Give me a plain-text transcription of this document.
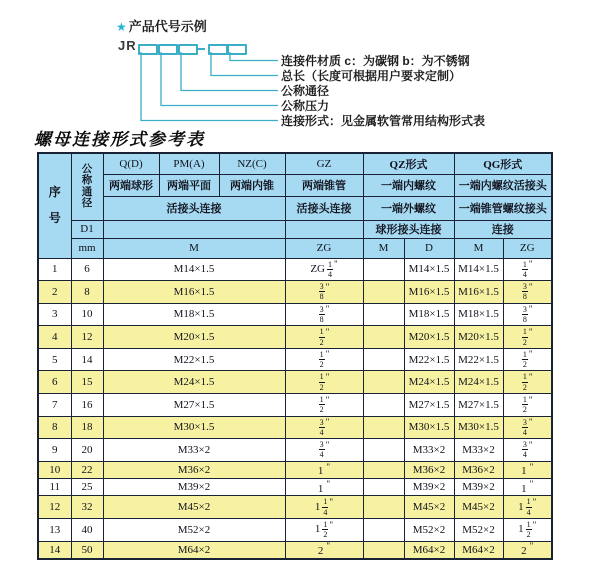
★ 产品代号示例
JR
连接件材质 c：为碳钢 b：为不锈钢
总长（长度可根据用户要求定制）
公称通径
公称压力
连接形式：见金属软管常用结构形式表
螺母连接形式参考表
序
号	公
称
通
径	Q(D)	PM(A)	NZ(C)	GZ	QZ形式		QG形式	
		两端球形	两端平面	两端内锥	两端锥管	一端内螺纹		一端内螺纹活接头	
		活接头连接			活接头连接	一端外螺纹		一端锥管螺纹接头	
	D1					球形接头连接		连接	
	mm	M			ZG	M	D	M	ZG
1	6	M14×1.5			ZG $\frac{1}{4} ^"$		M14×1.5	M14×1.5	$\frac{1}{4} ^"$
2	8	M16×1.5			$\frac{3}{8} ^"$		M16×1.5	M16×1.5	$\frac{3}{8} ^"$
3	10	M18×1.5			$\frac{3}{8} ^"$		M18×1.5	M18×1.5	$\frac{3}{8} ^"$
4	12	M20×1.5			$\frac{1}{2} ^"$		M20×1.5	M20×1.5	$\frac{1}{2} ^"$
5	14	M22×1.5			$\frac{1}{2} ^"$		M22×1.5	M22×1.5	$\frac{1}{2} ^"$
6	15	M24×1.5			$\frac{1}{2} ^"$		M24×1.5	M24×1.5	$\frac{1}{2} ^"$
7	16	M27×1.5			$\frac{1}{2} ^"$		M27×1.5	M27×1.5	$\frac{1}{2} ^"$
8	18	M30×1.5			$\frac{3}{4} ^"$		M30×1.5	M30×1.5	$\frac{3}{4} ^"$
9	20	M33×2			$\frac{3}{4} ^"$		M33×2	M33×2	$\frac{3}{4} ^"$
10	22	M36×2			1 "		M36×2	M36×2	1 "
11	25	M39×2			1 "		M39×2	M39×2	1 "
12	32	M45×2			$1 \frac{1}{4} ^"$		M45×2	M45×2	$1 \frac{1}{4} ^"$
13	40	M52×2			$1 \frac{1}{2} ^"$		M52×2	M52×2	$1 \frac{1}{2} ^"$
14	50	M64×2			2 "		M64×2	M64×2	2 "
